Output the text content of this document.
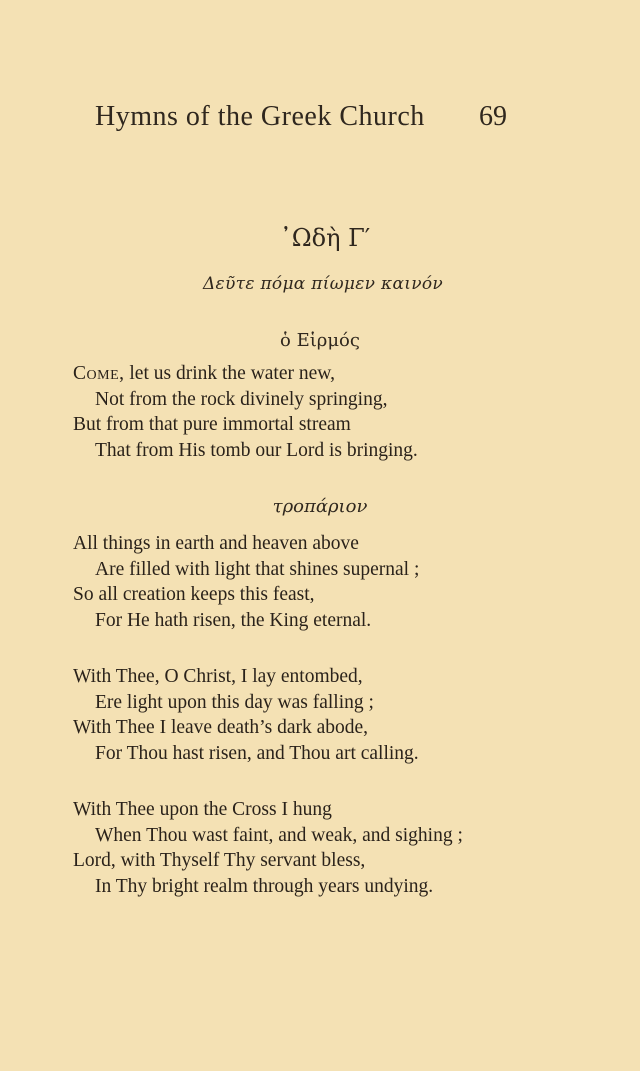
Hymns of the Greek Church 69
᾿Ωδὴ Γ′
Δεῦτε πόμα πίωμεν καινόν
ὁ Εἱρμός
Come, let us drink the water new,
Not from the rock divinely springing,
But from that pure immortal stream
That from His tomb our Lord is bringing.
τροπάριον
All things in earth and heaven above
Are filled with light that shines supernal ;
So all creation keeps this feast,
For He hath risen, the King eternal.
With Thee, O Christ, I lay entombed,
Ere light upon this day was falling ;
With Thee I leave death’s dark abode,
For Thou hast risen, and Thou art calling.
With Thee upon the Cross I hung
When Thou wast faint, and weak, and sighing ;
Lord, with Thyself Thy servant bless,
In Thy bright realm through years undying.
